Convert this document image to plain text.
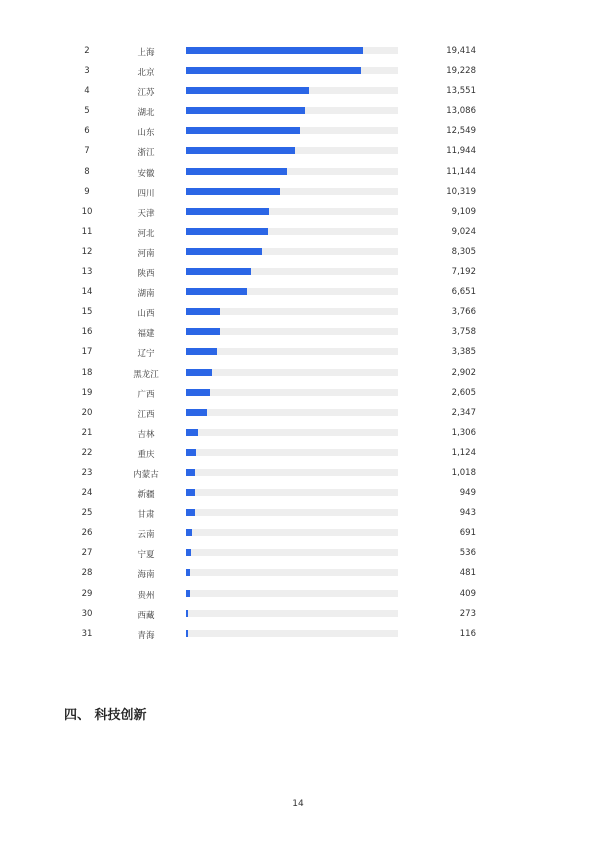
2	上海	19,414
3	北京	19,228
4	江苏	13,551
5	湖北	13,086
6	山东	12,549
7	浙江	11,944
8	安徽	11,144
9	四川	10,319
10	天津	9,109
11	河北	9,024
12	河南	8,305
13	陕西	7,192
14	湖南	6,651
15	山西	3,766
16	福建	3,758
17	辽宁	3,385
18	黑龙江	2,902
19	广西	2,605
20	江西	2,347
21	吉林	1,306
22	重庆	1,124
23	内蒙古	1,018
24	新疆	949
25	甘肃	943
26	云南	691
27	宁夏	536
28	海南	481
29	贵州	409
30	西藏	273
31	青海	116
四、 科技创新
14
